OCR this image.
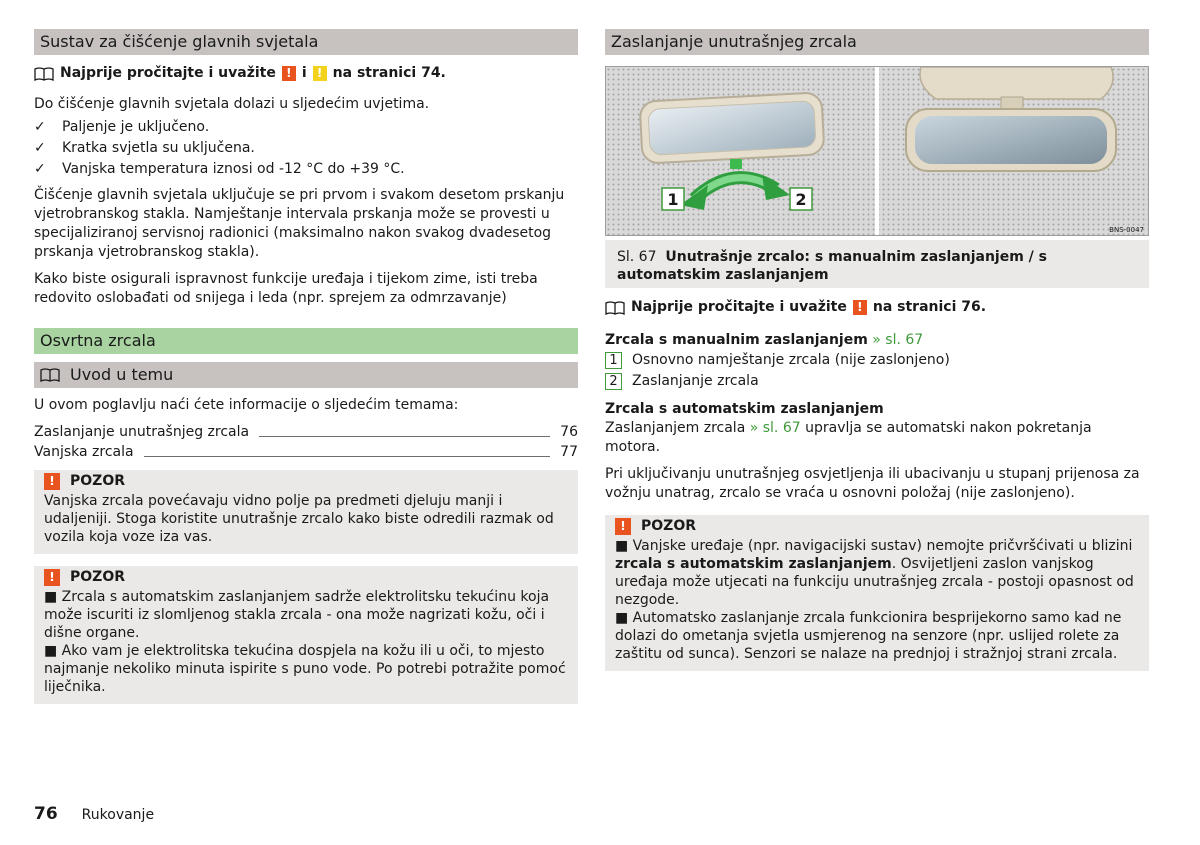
Sustav za čišćenje glavnih svjetala
Najprije pročitajte i uvažite ! i ! na stranici 74.

Do čišćenje glavnih svjetala dolazi u sljedećim uvjetima.

✓ Paljenje je uključeno.
✓ Kratka svjetla su uključena.
✓ Vanjska temperatura iznosi od -12 °C do +39 °C.

Čišćenje glavnih svjetala uključuje se pri prvom i svakom desetom prskanju vjetrobranskog stakla. Namještanje intervala prskanja može se provesti u specijaliziranoj servisnoj radionici (maksimalno nakon svakog dvadesetog prskanja vjetrobranskog stakla).

Kako biste osigurali ispravnost funkcije uređaja i tijekom zime, isti treba redovito oslobađati od snijega i leda (npr. sprejem za odmrzavanje)

Osvrtna zrcala
Uvod u temu

U ovom poglavlju naći ćete informacije o sljedećim temama:

Zaslanjanje unutrašnjeg zrcala	76
Vanjska zrcala	77
!	POZOR
Vanjska zrcala povećavaju vidno polje pa predmeti djeluju manji i udaljeniji. Stoga koristite unutrašnje zrcalo kako biste odredili razmak od vozila koja voze iza vas.
!	POZOR
■ Zrcala s automatskim zaslanjanjem sadrže elektrolitsku tekućinu koja može iscuriti iz slomljenog stakla zrcala - ona može nagrizati kožu, oči i dišne organe.
■ Ako vam je elektrolitska tekućina dospjela na kožu ili u oči, to mjesto najmanje nekoliko minuta ispirite s puno vode. Po potrebi potražite pomoć liječnika.
Zaslanjanje unutrašnjeg zrcala
1	2
BNS-0047
Sl. 67 Unutrašnje zrcalo: s manualnim zaslanjanjem / s automatskim zaslanjanjem
Najprije pročitajte i uvažite ! na stranici 76.
Zrcala s manualnim zaslanjanjem » sl. 67
1	Osnovno namještanje zrcala (nije zaslonjeno)
2	Zaslanjanje zrcala
Zrcala s automatskim zaslanjanjem
Zaslanjanjem zrcala » sl. 67 upravlja se automatski nakon pokretanja motora.

Pri uključivanju unutrašnjeg osvjetljenja ili ubacivanju u stupanj prijenosa za vožnju unatrag, zrcalo se vraća u osnovni položaj (nije zaslonjeno).

!	POZOR
■ Vanjske uređaje (npr. navigacijski sustav) nemojte pričvršćivati u blizini zrcala s automatskim zaslanjanjem. Osvijetljeni zaslon vanjskog uređaja može utjecati na funkciju unutrašnjeg zrcala - postoji opasnost od nezgode.
■ Automatsko zaslanjanje zrcala funkcionira besprijekorno samo kad ne dolazi do ometanja svjetla usmjerenog na senzore (npr. uslijed rolete za zaštitu od sunca). Senzori se nalaze na prednjoj i stražnjoj strani zrcala.
76 Rukovanje
